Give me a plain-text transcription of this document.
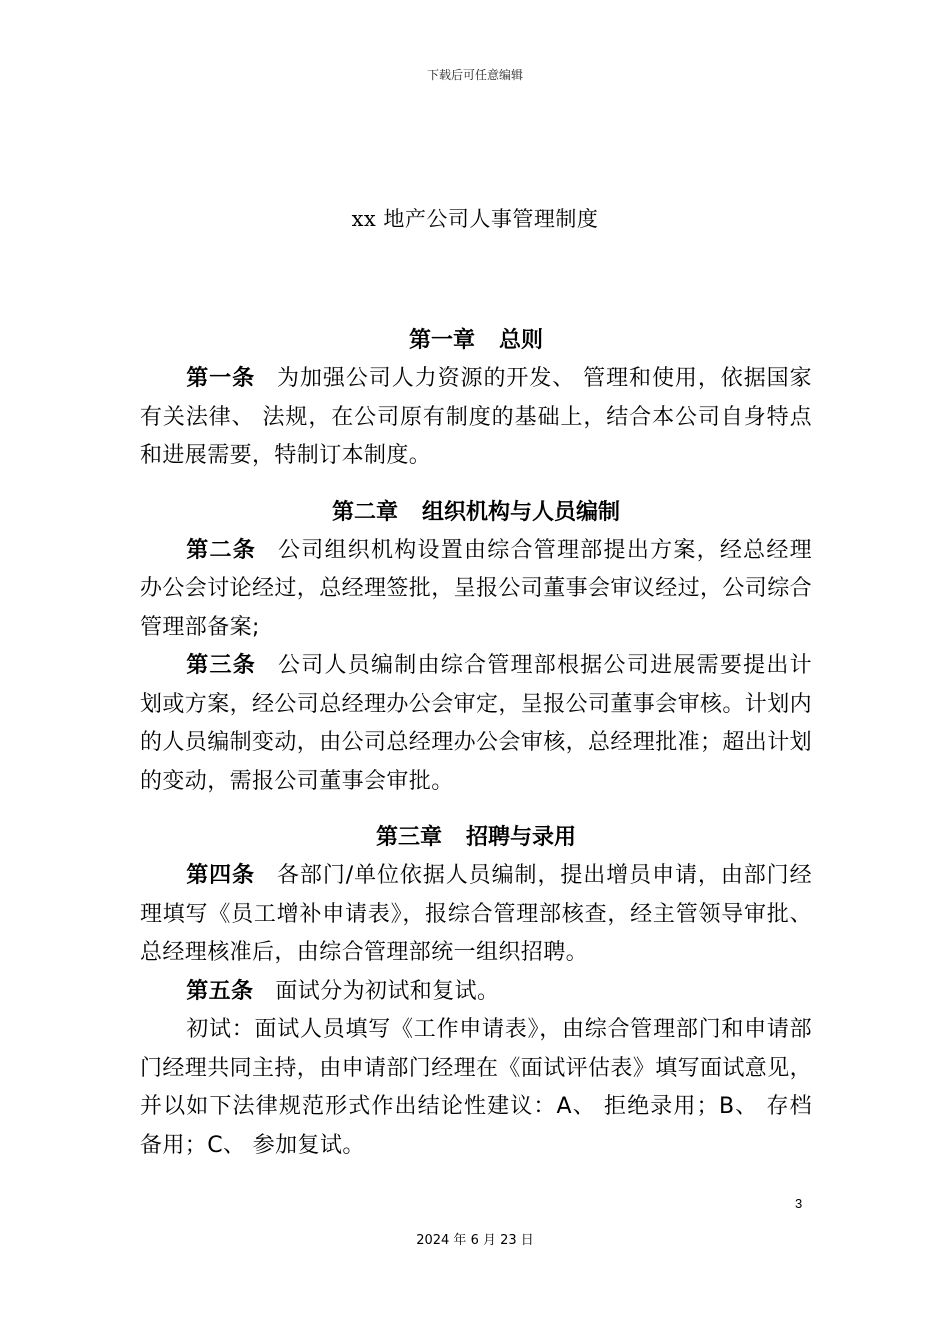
下载后可任意编辑
xx 地产公司人事管理制度
第一章 总则

第一条 为加强公司人力资源的开发、 管理和使用，依据国家有关法律、 法规，在公司原有制度的基础上，结合本公司自身特点和进展需要，特制订本制度。

第二章 组织机构与人员编制

第二条 公司组织机构设置由综合管理部提出方案，经总经理办公会讨论经过，总经理签批，呈报公司董事会审议经过，公司综合管理部备案;

第三条 公司人员编制由综合管理部根据公司进展需要提出计划或方案，经公司总经理办公会审定，呈报公司董事会审核。计划内的人员编制变动，由公司总经理办公会审核，总经理批准；超出计划的变动，需报公司董事会审批。

第三章 招聘与录用

第四条 各部门/单位依据人员编制，提出增员申请，由部门经理填写《员工增补申请表》，报综合管理部核查，经主管领导审批、 总经理核准后，由综合管理部统一组织招聘。

第五条 面试分为初试和复试。

初试：面试人员填写《工作申请表》，由综合管理部门和申请部门经理共同主持，由申请部门经理在《面试评估表》填写面试意见，并以如下法律规范形式作出结论性建议：A、 拒绝录用；B、 存档备用；C、 参加复试。

3
2024 年 6 月 23 日
